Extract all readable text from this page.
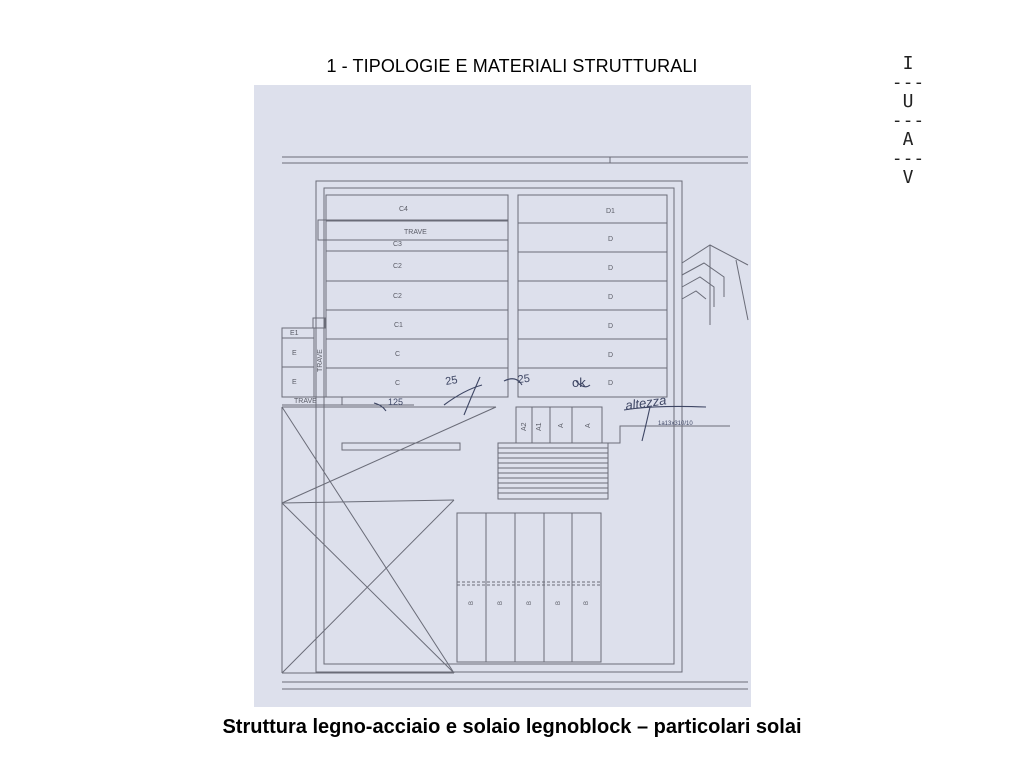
1 - TIPOLOGIE E MATERIALI STRUTTURALI	I
---
U
---
A
---
V
C4
C3
C2
C2
C1
C
C
D1
D
D
D
D
D
D
TRAVE
TRAVE
TRAVE
E1
E
E
A2 A1 A	A
B	B	B	B	B
25	25	ok
altezza
1a13x310/10
125
Struttura legno-acciaio e solaio legnoblock – particolari solai
